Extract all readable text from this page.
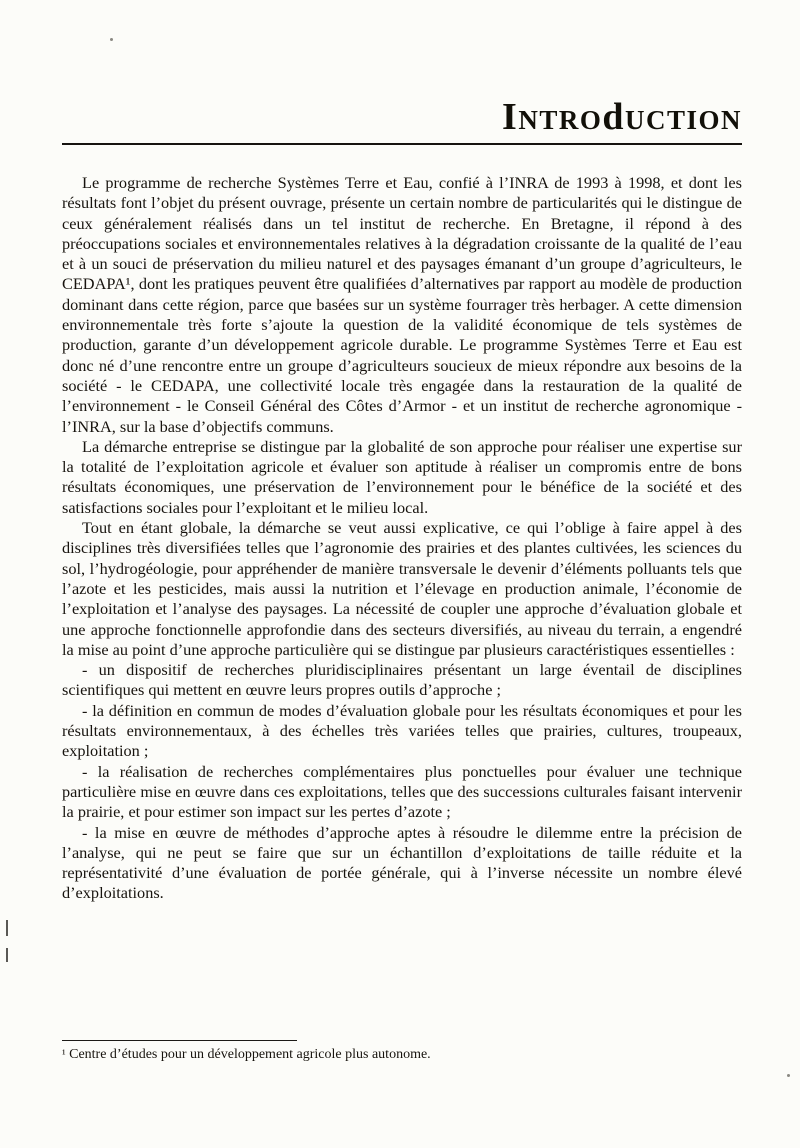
INTROdUCTION

Le programme de recherche Systèmes Terre et Eau, confié à l’INRA de 1993 à 1998, et dont les résultats font l’objet du présent ouvrage, présente un certain nombre de particularités qui le distingue de ceux généralement réalisés dans un tel institut de recherche. En Bretagne, il répond à des préoccupations sociales et environnementales relatives à la dégradation croissante de la qualité de l’eau et à un souci de préservation du milieu naturel et des paysages émanant d’un groupe d’agriculteurs, le CEDAPA¹, dont les pratiques peuvent être qualifiées d’alternatives par rapport au modèle de production dominant dans cette région, parce que basées sur un système fourrager très herbager. A cette dimension environnementale très forte s’ajoute la question de la validité économique de tels systèmes de production, garante d’un développement agricole durable. Le programme Systèmes Terre et Eau est donc né d’une rencontre entre un groupe d’agriculteurs soucieux de mieux répondre aux besoins de la société - le CEDAPA, une collectivité locale très engagée dans la restauration de la qualité de l’environnement - le Conseil Général des Côtes d’Armor - et un institut de recherche agronomique - l’INRA, sur la base d’objectifs communs.

La démarche entreprise se distingue par la globalité de son approche pour réaliser une expertise sur la totalité de l’exploitation agricole et évaluer son aptitude à réaliser un compromis entre de bons résultats économiques, une préservation de l’environnement pour le bénéfice de la société et des satisfactions sociales pour l’exploitant et le milieu local.

Tout en étant globale, la démarche se veut aussi explicative, ce qui l’oblige à faire appel à des disciplines très diversifiées telles que l’agronomie des prairies et des plantes cultivées, les sciences du sol, l’hydrogéologie, pour appréhender de manière transversale le devenir d’éléments polluants tels que l’azote et les pesticides, mais aussi la nutrition et l’élevage en production animale, l’économie de l’exploitation et l’analyse des paysages. La nécessité de coupler une approche d’évaluation globale et une approche fonctionnelle approfondie dans des secteurs diversifiés, au niveau du terrain, a engendré la mise au point d’une approche particulière qui se distingue par plusieurs caractéristiques essentielles :

- un dispositif de recherches pluridisciplinaires présentant un large éventail de disciplines scientifiques qui mettent en œuvre leurs propres outils d’approche ;

- la définition en commun de modes d’évaluation globale pour les résultats économiques et pour les résultats environnementaux, à des échelles très variées telles que prairies, cultures, troupeaux, exploitation ;

- la réalisation de recherches complémentaires plus ponctuelles pour évaluer une technique particulière mise en œuvre dans ces exploitations, telles que des successions culturales faisant intervenir la prairie, et pour estimer son impact sur les pertes d’azote ;

- la mise en œuvre de méthodes d’approche aptes à résoudre le dilemme entre la précision de l’analyse, qui ne peut se faire que sur un échantillon d’exploitations de taille réduite et la représentativité d’une évaluation de portée générale, qui à l’inverse nécessite un nombre élevé d’exploitations.

¹ Centre d’études pour un développement agricole plus autonome.
